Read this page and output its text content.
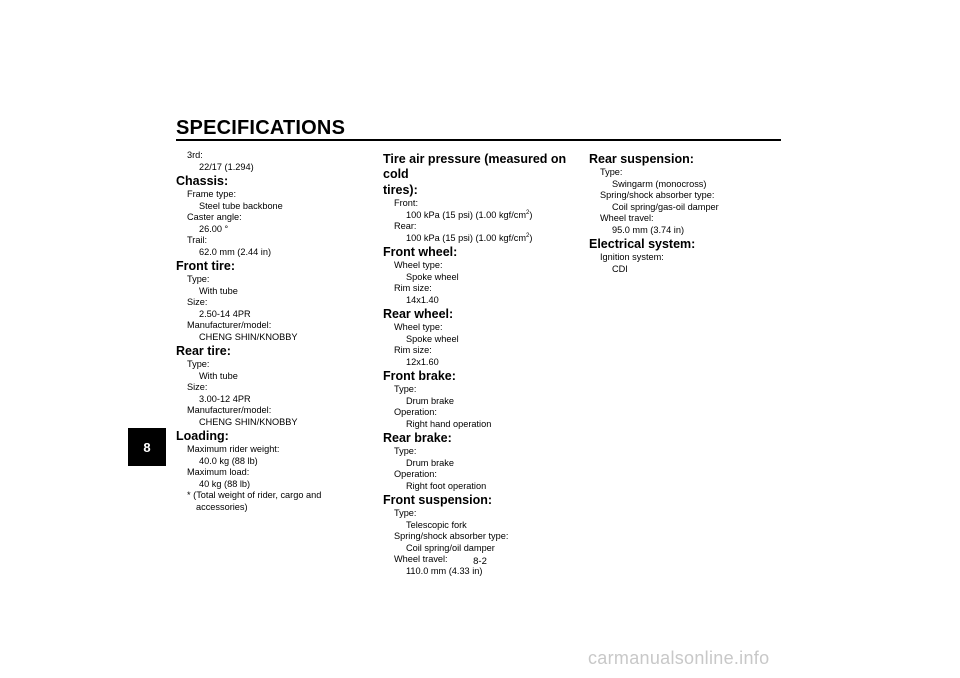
SPECIFICATIONS
8
3rd:
22/17 (1.294)
Chassis:
Frame type:
Steel tube backbone
Caster angle:
26.00 °
Trail:
62.0 mm (2.44 in)
Front tire:
Type:
With tube
Size:
2.50-14 4PR
Manufacturer/model:
CHENG SHIN/KNOBBY
Rear tire:
Type:
With tube
Size:
3.00-12 4PR
Manufacturer/model:
CHENG SHIN/KNOBBY
Loading:
Maximum rider weight:
40.0 kg (88 lb)
Maximum load:
40 kg (88 lb)
* (Total weight of rider, cargo and
accessories)
Tire air pressure (measured on cold
tires):
Front:
100 kPa (15 psi) (1.00 kgf/$cm^2$)
Rear:
100 kPa (15 psi) (1.00 kgf/$cm^2$)
Front wheel:
Wheel type:
Spoke wheel
Rim size:
14x1.40
Rear wheel:
Wheel type:
Spoke wheel
Rim size:
12x1.60
Front brake:
Type:
Drum brake
Operation:
Right hand operation
Rear brake:
Type:
Drum brake
Operation:
Right foot operation
Front suspension:
Type:
Telescopic fork
Spring/shock absorber type:
Coil spring/oil damper
Wheel travel:
110.0 mm (4.33 in)
Rear suspension:
Type:
Swingarm (monocross)
Spring/shock absorber type:
Coil spring/gas-oil damper
Wheel travel:
95.0 mm (3.74 in)
Electrical system:
Ignition system:
CDI
8-2
carmanualsonline.info
